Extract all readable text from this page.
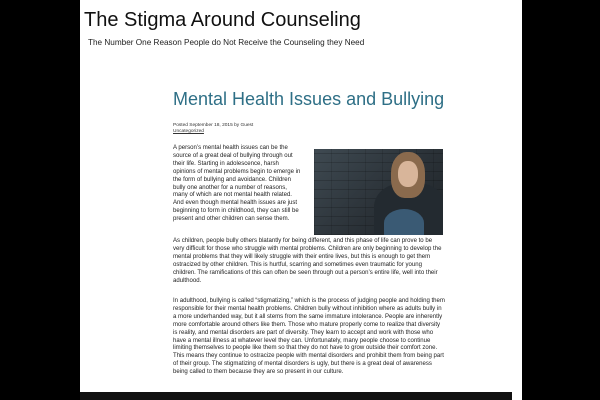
The Stigma Around Counseling
The Number One Reason People do Not Receive the Counseling they Need
Mental Health Issues and Bullying
Posted September 18, 2015 by Guest
Uncategorized

A person’s mental health issues can be the source of a great deal of bullying through out their life. Starting in adolescence, harsh opinions of mental problems begin to emerge in the form of bullying and avoidance. Children bully one another for a number of reasons, many of which are not mental health related. And even though mental health issues are just beginning to form in childhood, they can still be present and other children can sense them.

As children, people bully others blatantly for being different, and this phase of life can prove to be very difficult for those who struggle with mental problems. Children are only beginning to develop the mental problems that they will likely struggle with their entire lives, but this is enough to get them ostracized by other children. This is hurtful, scarring and sometimes even traumatic for young children. The ramifications of this can often be seen through out a person’s entire life, well into their adulthood.

In adulthood, bullying is called “stigmatizing,” which is the process of judging people and holding them responsible for their mental health problems. Children bully without inhibition where as adults bully in a more underhanded way, but it all stems from the same immature intolerance. People are inherently more comfortable around others like them. Those who mature properly come to realize that diversity is reality, and mental disorders are part of diversity. They learn to accept and work with those who have a mental illness at whatever level they can. Unfortunately, many people choose to continue limiting themselves to people like them so that they do not have to grow outside their comfort zone. This means they continue to ostracize people with mental disorders and prohibit them from being part of their group. The stigmatizing of mental disorders is ugly, but there is a great deal of awareness being called to them because they are so present in our culture.
